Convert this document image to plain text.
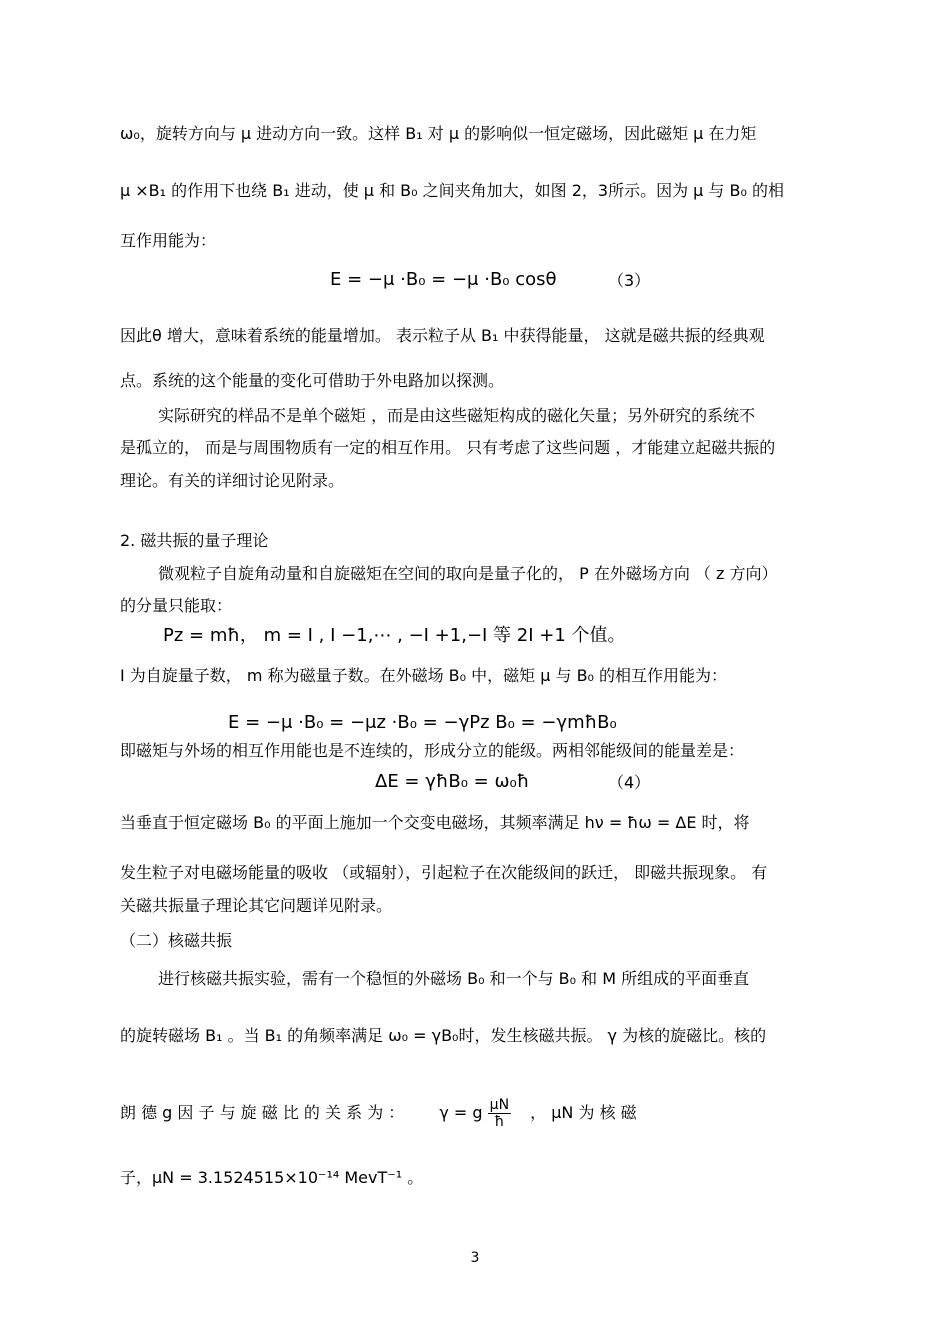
ω₀，旋转方向与 μ 进动方向一致。这样 B₁ 对 μ 的影响似一恒定磁场，因此磁矩 μ 在力矩
μ ×B₁ 的作用下也绕 B₁ 进动，使 μ 和 B₀ 之间夹角加大，如图 2，3所示。因为 μ 与 B₀ 的相
互作用能为：
E = −μ ·B₀ = −μ ·B₀ cosθ	（3）
因此θ 增大，意味着系统的能量增加。 表示粒子从 B₁ 中获得能量， 这就是磁共振的经典观
点。系统的这个能量的变化可借助于外电路加以探测。
实际研究的样品不是单个磁矩 ，而是由这些磁矩构成的磁化矢量；另外研究的系统不
是孤立的， 而是与周围物质有一定的相互作用。 只有考虑了这些问题 ，才能建立起磁共振的
理论。有关的详细讨论见附录。
2. 磁共振的量子理论
微观粒子自旋角动量和自旋磁矩在空间的取向是量子化的， P 在外磁场方向 （ z 方向）
的分量只能取：
Pz = mħ， m = I , I −1,⋯ , −I +1,−I 等 2I +1 个值。
I 为自旋量子数， m 称为磁量子数。在外磁场 B₀ 中，磁矩 μ 与 B₀ 的相互作用能为：
E = −μ ·B₀ = −μz ·B₀ = −γPz B₀ = −γmħB₀
即磁矩与外场的相互作用能也是不连续的，形成分立的能级。两相邻能级间的能量差是：
ΔE = γħB₀ = ω₀ħ	（4）
当垂直于恒定磁场 B₀ 的平面上施加一个交变电磁场，其频率满足 hν = ħω = ΔE 时，将
发生粒子对电磁场能量的吸收 （或辐射），引起粒子在次能级间的跃迁， 即磁共振现象。 有
关磁共振量子理论其它问题详见附录。
（二）核磁共振
进行核磁共振实验，需有一个稳恒的外磁场 B₀ 和一个与 B₀ 和 M 所组成的平面垂直
的旋转磁场 B₁ 。当 B₁ 的角频率满足 ω₀ = γB₀时，发生核磁共振。 γ 为核的旋磁比。核的
朗 德 g 因 子 与 旋 磁 比 的 关 系 为 ： γ = g $\frac{\mu N}{ħ}$ ， μN 为 核 磁
子，μN = 3.1524515×10⁻¹⁴ MevT⁻¹ 。
3
